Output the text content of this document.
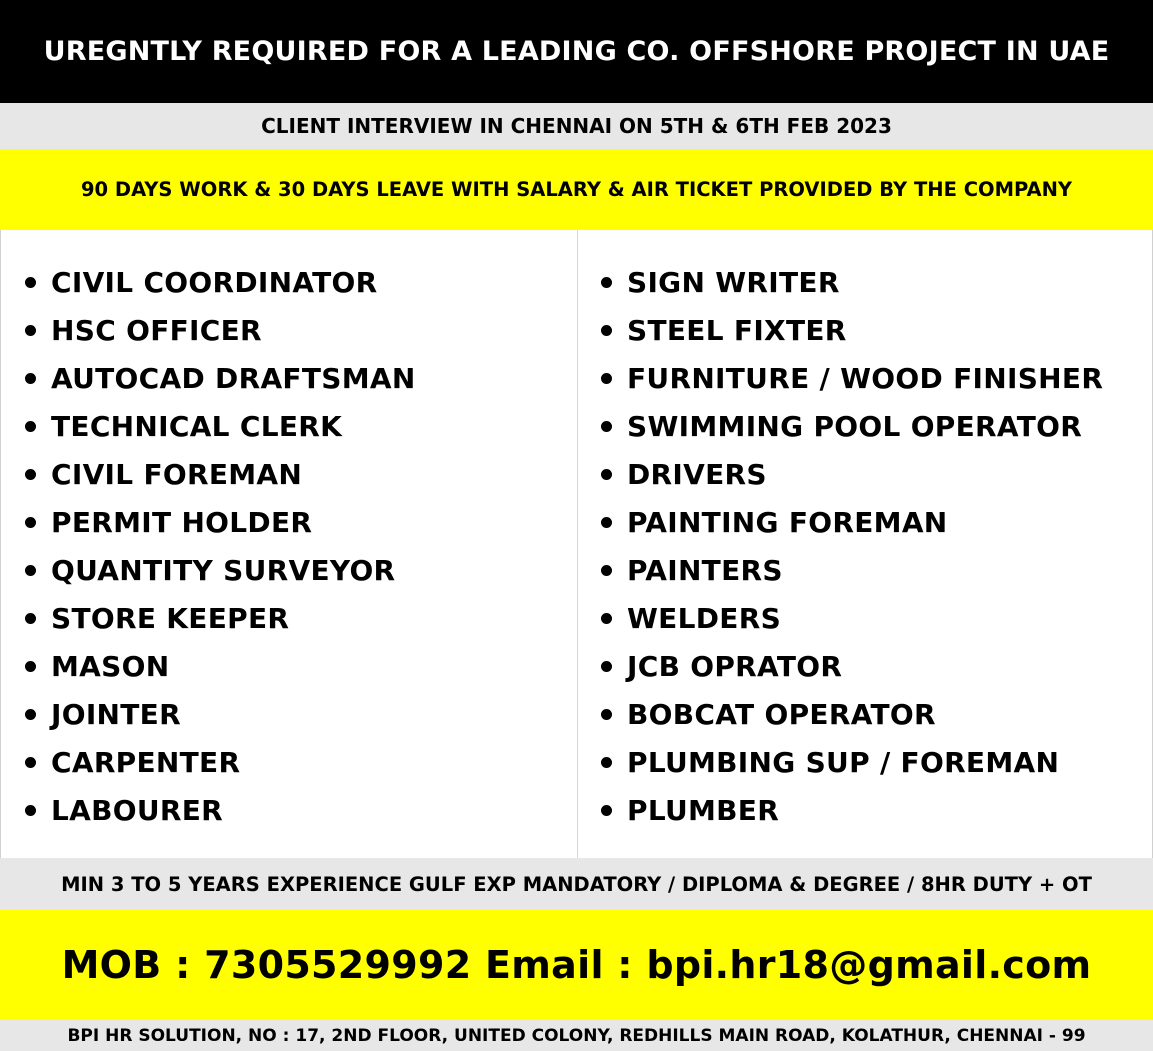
UREGNTLY REQUIRED FOR A LEADING CO. OFFSHORE PROJECT IN UAE
CLIENT INTERVIEW IN CHENNAI ON 5TH & 6TH FEB 2023
90 DAYS WORK & 30 DAYS LEAVE WITH SALARY & AIR TICKET PROVIDED BY THE COMPANY
CIVIL COORDINATOR
HSC OFFICER
AUTOCAD DRAFTSMAN
TECHNICAL CLERK
CIVIL FOREMAN
PERMIT HOLDER
QUANTITY SURVEYOR
STORE KEEPER
MASON
JOINTER
CARPENTER
LABOURER
SIGN WRITER
STEEL FIXTER
FURNITURE / WOOD FINISHER
SWIMMING POOL OPERATOR
DRIVERS
PAINTING FOREMAN
PAINTERS
WELDERS
JCB OPRATOR
BOBCAT OPERATOR
PLUMBING SUP / FOREMAN
PLUMBER
MIN 3 TO 5 YEARS EXPERIENCE GULF EXP MANDATORY / DIPLOMA & DEGREE / 8HR DUTY + OT
MOB : 7305529992 Email : bpi.hr18@gmail.com
BPI HR SOLUTION, NO : 17, 2ND FLOOR, UNITED COLONY, REDHILLS MAIN ROAD, KOLATHUR, CHENNAI - 99
